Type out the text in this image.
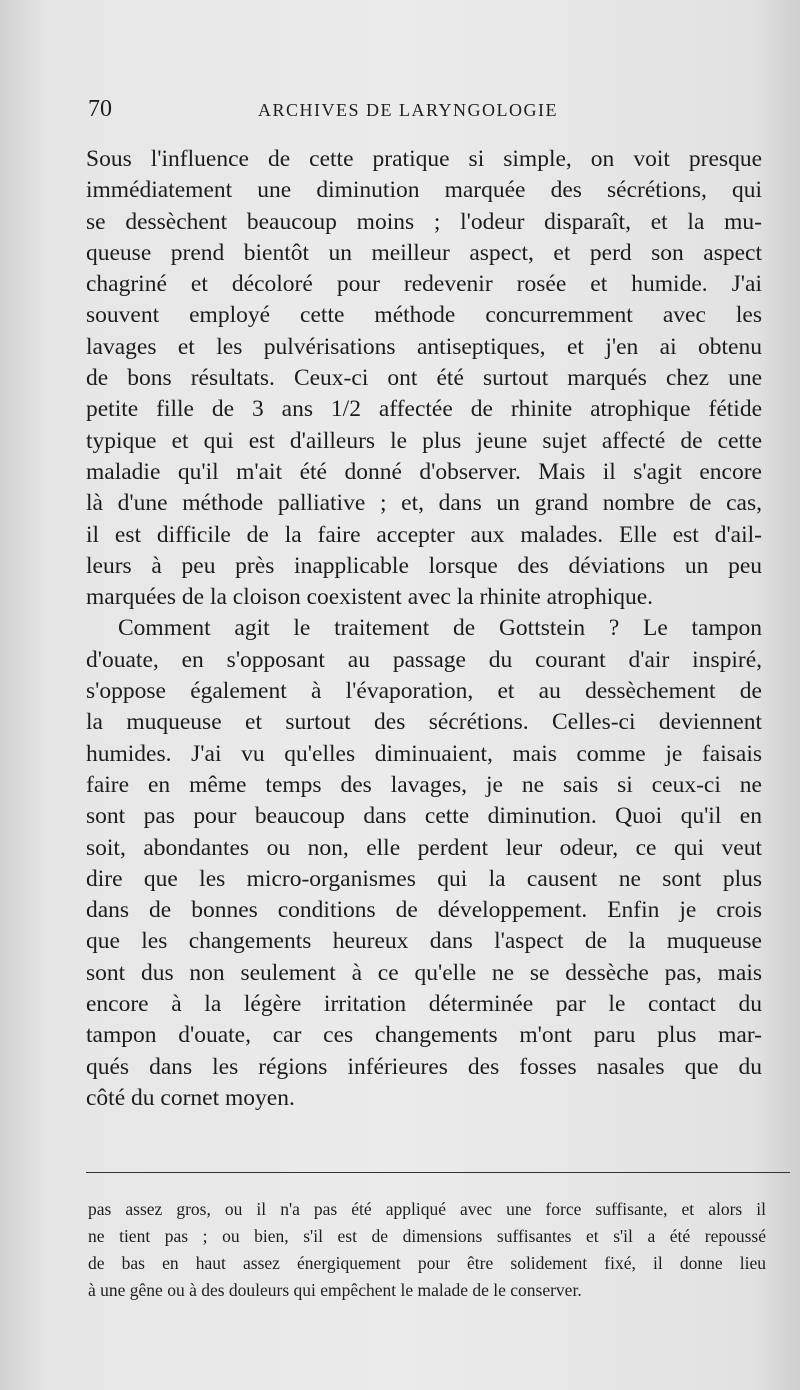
70	ARCHIVES DE LARYNGOLOGIE
Sous l'influence de cette pratique si simple, on voit presque
immédiatement une diminution marquée des sécrétions, qui
se dessèchent beaucoup moins ; l'odeur disparaît, et la mu-
queuse prend bientôt un meilleur aspect, et perd son aspect
chagriné et décoloré pour redevenir rosée et humide. J'ai
souvent employé cette méthode concurremment avec les
lavages et les pulvérisations antiseptiques, et j'en ai obtenu
de bons résultats. Ceux-ci ont été surtout marqués chez une
petite fille de 3 ans 1/2 affectée de rhinite atrophique fétide
typique et qui est d'ailleurs le plus jeune sujet affecté de cette
maladie qu'il m'ait été donné d'observer. Mais il s'agit encore
là d'une méthode palliative ; et, dans un grand nombre de cas,
il est difficile de la faire accepter aux malades. Elle est d'ail-
leurs à peu près inapplicable lorsque des déviations un peu
marquées de la cloison coexistent avec la rhinite atrophique.
Comment agit le traitement de Gottstein ? Le tampon
d'ouate, en s'opposant au passage du courant d'air inspiré,
s'oppose également à l'évaporation, et au dessèchement de
la muqueuse et surtout des sécrétions. Celles-ci deviennent
humides. J'ai vu qu'elles diminuaient, mais comme je faisais
faire en même temps des lavages, je ne sais si ceux-ci ne
sont pas pour beaucoup dans cette diminution. Quoi qu'il en
soit, abondantes ou non, elle perdent leur odeur, ce qui veut
dire que les micro-organismes qui la causent ne sont plus
dans de bonnes conditions de développement. Enfin je crois
que les changements heureux dans l'aspect de la muqueuse
sont dus non seulement à ce qu'elle ne se dessèche pas, mais
encore à la légère irritation déterminée par le contact du
tampon d'ouate, car ces changements m'ont paru plus mar-
qués dans les régions inférieures des fosses nasales que du
côté du cornet moyen.
pas assez gros, ou il n'a pas été appliqué avec une force suffisante, et alors il
ne tient pas ; ou bien, s'il est de dimensions suffisantes et s'il a été repoussé
de bas en haut assez énergiquement pour être solidement fixé, il donne lieu
à une gêne ou à des douleurs qui empêchent le malade de le conserver.
